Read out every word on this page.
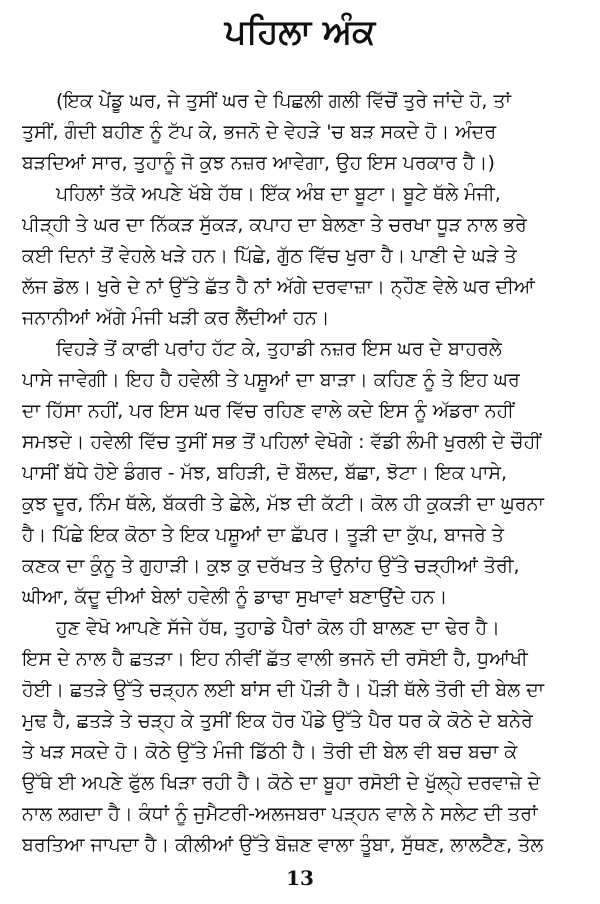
ਪਹਿਲਾ ਅੰਕ
(ਇਕ ਪੇਂਡੂ ਘਰ, ਜੇ ਤੁਸੀਂ ਘਰ ਦੇ ਪਿਛਲੀ ਗਲੀ ਵਿੱਚੋਂ ਤੁਰੇ ਜਾਂਦੇ ਹੋ, ਤਾਂ
ਤੁਸੀਂ, ਗੰਦੀ ਬਹੀਣ ਨੂੰ ਟੱਪ ਕੇ, ਭਜਨੋ ਦੇ ਵੇਹੜੇ 'ਚ ਬੜ ਸਕਦੇ ਹੋ। ਅੰਦਰ
ਬੜਦਿਆਂ ਸਾਰ, ਤੁਹਾਨੂੰ ਜੋ ਕੁਝ ਨਜ਼ਰ ਆਵੇਗਾ, ਉਹ ਇਸ ਪਰਕਾਰ ਹੈ।)
ਪਹਿਲਾਂ ਤੱਕੋ ਅਪਣੇ ਖੱਬੇ ਹੱਥ। ਇੱਕ ਅੰਬ ਦਾ ਬੂਟਾ। ਬੂਟੇ ਥੱਲੇ ਮੰਜੀ,
ਪੀੜ੍ਹੀ ਤੇ ਘਰ ਦਾ ਨਿੱਕੜ ਸੁੱਕੜ, ਕਪਾਹ ਦਾ ਬੇਲਣਾ ਤੇ ਚਰਖਾ ਧੂੜ ਨਾਲ ਭਰੇ
ਕਈ ਦਿਨਾਂ ਤੋਂ ਵੇਹਲੇ ਖੜੇ ਹਨ। ਪਿੱਛੇ, ਗੁੱਠ ਵਿੱਚ ਖੁਰਾ ਹੈ। ਪਾਣੀ ਦੇ ਘੜੇ ਤੇ
ਲੱਜ ਡੋਲ। ਖੁਰੇ ਦੇ ਨਾਂ ਉੱਤੇ ਛੱਤ ਹੈ ਨਾਂ ਅੱਗੇ ਦਰਵਾਜ਼ਾ। ਨ੍ਹੌਣ ਵੇਲੇ ਘਰ ਦੀਆਂ
ਜਨਾਨੀਆਂ ਅੱਗੇ ਮੰਜੀ ਖੜੀ ਕਰ ਲੈਂਦੀਆਂ ਹਨ।
ਵਿਹੜੇ ਤੋਂ ਕਾਫੀ ਪਰਾਂਹ ਹੱਟ ਕੇ, ਤੁਹਾਡੀ ਨਜ਼ਰ ਇਸ ਘਰ ਦੇ ਬਾਹਰਲੇ
ਪਾਸੇ ਜਾਵੇਗੀ। ਇਹ ਹੈ ਹਵੇਲੀ ਤੇ ਪਸ਼ੂਆਂ ਦਾ ਬਾੜਾ। ਕਹਿਣ ਨੂੰ ਤੇ ਇਹ ਘਰ
ਦਾ ਹਿੱਸਾ ਨਹੀਂ, ਪਰ ਇਸ ਘਰ ਵਿੱਚ ਰਹਿਣ ਵਾਲੇ ਕਦੇ ਇਸ ਨੂੰ ਅੱਡਰਾ ਨਹੀਂ
ਸਮਝਦੇ। ਹਵੇਲੀ ਵਿੱਚ ਤੁਸੀਂ ਸਭ ਤੋਂ ਪਹਿਲਾਂ ਵੇਖੋਗੇ : ਵੱਡੀ ਲੰਮੀ ਖੁਰਲੀ ਦੇ ਚੌਹੀਂ
ਪਾਸੀਂ ਬੱਧੇ ਹੋਏ ਡੰਗਰ - ਮੱਝ, ਬਹਿੜੀ, ਦੋ ਬੌਲਦ, ਬੱਛਾ, ਝੋਟਾ। ਇਕ ਪਾਸੇ,
ਕੁਝ ਦੂਰ, ਨਿੰਮ ਥੱਲੇ, ਬੱਕਰੀ ਤੇ ਛੇਲੇ, ਮੱਝ ਦੀ ਕੱਟੀ। ਕੋਲ ਹੀ ਕੁਕੜੀ ਦਾ ਘੁਰਨਾ
ਹੈ। ਪਿੱਛੇ ਇਕ ਕੋਠਾ ਤੇ ਇਕ ਪਸ਼ੂਆਂ ਦਾ ਛੱਪਰ। ਤੂੜੀ ਦਾ ਕੁੱਪ, ਬਾਜਰੇ ਤੇ
ਕਣਕ ਦਾ ਕੁੰਨੂ ਤੇ ਗੁਹਾੜੀ। ਕੁਝ ਕੁ ਦਰੱਖਤ ਤੇ ਉਨਾਂਹ ਉੱਤੇ ਚੜ੍ਹੀਆਂ ਤੋਰੀ,
ਘੀਆ, ਕੱਦੂ ਦੀਆਂ ਬੇਲਾਂ ਹਵੇਲੀ ਨੂੰ ਡਾਢਾ ਸੁਖਾਵਾਂ ਬਣਾਉਂਦੇ ਹਨ।
ਹੁਣ ਵੇਖੋ ਆਪਣੇ ਸੱਜੇ ਹੱਥ, ਤੁਹਾਡੇ ਪੈਰਾਂ ਕੋਲ ਹੀ ਬਾਲਣ ਦਾ ਢੇਰ ਹੈ।
ਇਸ ਦੇ ਨਾਲ ਹੈ ਛਤੜਾ। ਇਹ ਨੀਵੀਂ ਛੱਤ ਵਾਲੀ ਭਜਨੋ ਦੀ ਰਸੋਈ ਹੈ, ਧੁਆਂਖੀ
ਹੋਈ। ਛਤੜੇ ਉੱਤੇ ਚੜ੍ਹਨ ਲਈ ਬਾਂਸ ਦੀ ਪੌੜੀ ਹੈ। ਪੌੜੀ ਥੱਲੇ ਤੋਰੀ ਦੀ ਬੇਲ ਦਾ
ਮੁਢ ਹੈ, ਛਤੜੇ ਤੇ ਚੜ੍ਹ ਕੇ ਤੁਸੀਂ ਇਕ ਹੋਰ ਪੌਡੇ ਉੱਤੇ ਪੈਰ ਧਰ ਕੇ ਕੋਠੇ ਦੇ ਬਨੇਰੇ
ਤੇ ਖੜ ਸਕਦੇ ਹੋ। ਕੋਠੇ ਉੱਤੇ ਮੰਜੀ ਡਿੱਠੀ ਹੈ। ਤੋਰੀ ਦੀ ਬੇਲ ਵੀ ਬਚ ਬਚਾ ਕੇ
ਉੱਥੇ ਈ ਅਪਣੇ ਫੁੱਲ ਖਿੜਾ ਰਹੀ ਹੈ। ਕੋਠੇ ਦਾ ਬੂਹਾ ਰਸੋਈ ਦੇ ਖੁੱਲ੍ਹੇ ਦਰਵਾਜ਼ੇ ਦੇ
ਨਾਲ ਲਗਦਾ ਹੈ। ਕੰਧਾਂ ਨੂੰ ਜੁਮੈਟਰੀ-ਅਲਜਬਰਾ ਪੜ੍ਹਨ ਵਾਲੇ ਨੇ ਸਲੇਟ ਦੀ ਤਰਾਂ
ਬਰਤਿਆ ਜਾਪਦਾ ਹੈ। ਕੀਲੀਆਂ ਉੱਤੇ ਬੋਜ਼ਣ ਵਾਲਾ ਤੂੰਬਾ, ਸੁੱਥਣ, ਲਾਲਟੈਣ, ਤੇਲ
13
